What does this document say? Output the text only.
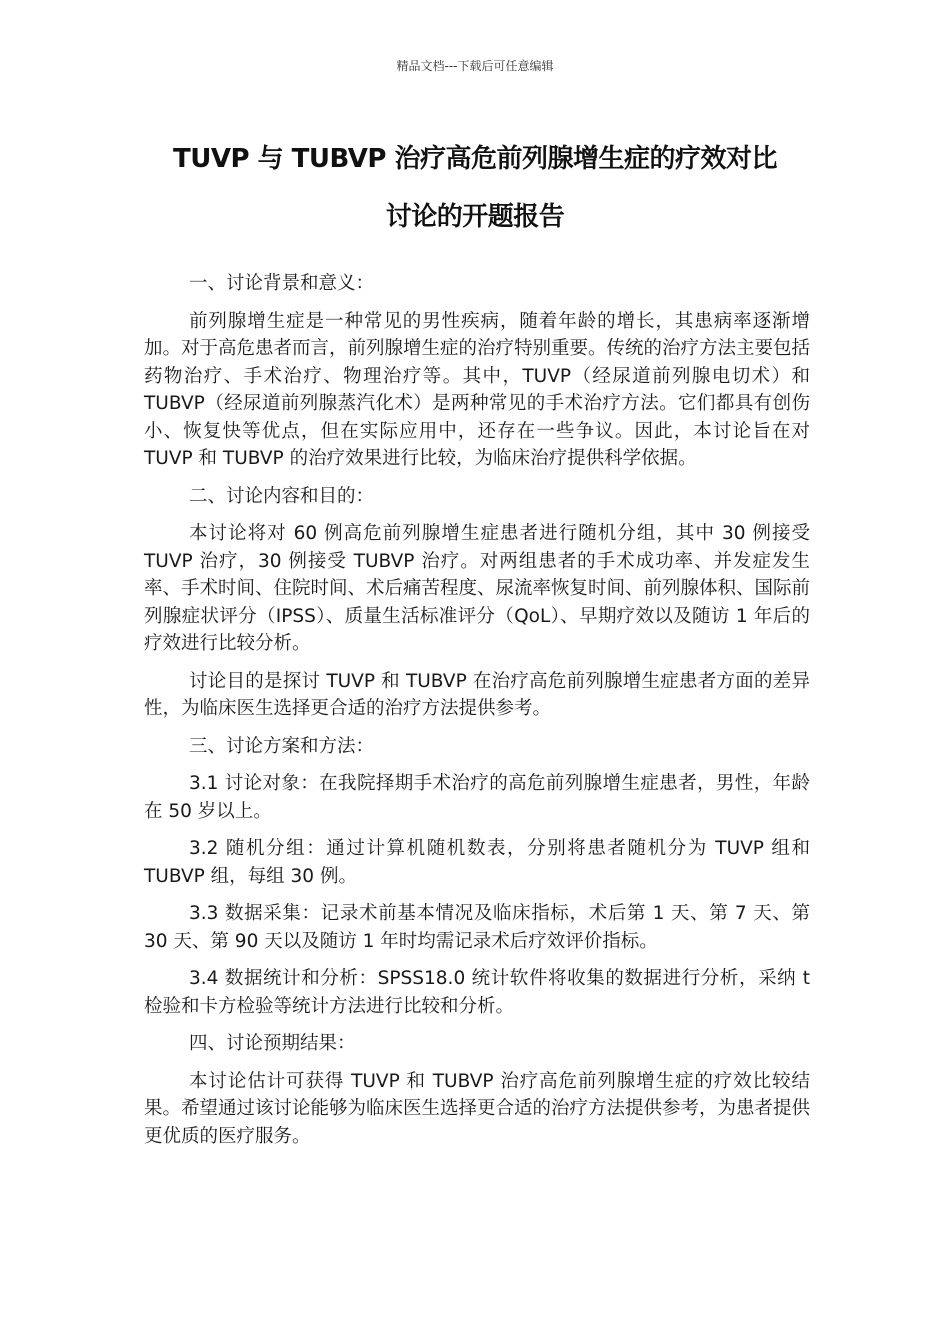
精品文档---下载后可任意编辑
TUVP 与 TUBVP 治疗高危前列腺增生症的疗效对比
讨论的开题报告

一、讨论背景和意义：

前列腺增生症是一种常见的男性疾病，随着年龄的增长，其患病率逐渐增加。对于高危患者而言，前列腺增生症的治疗特别重要。传统的治疗方法主要包括药物治疗、手术治疗、物理治疗等。其中，TUVP（经尿道前列腺电切术）和 TUBVP（经尿道前列腺蒸汽化术）是两种常见的手术治疗方法。它们都具有创伤小、恢复快等优点，但在实际应用中，还存在一些争议。因此，本讨论旨在对 TUVP 和 TUBVP 的治疗效果进行比较，为临床治疗提供科学依据。

二、讨论内容和目的：

本讨论将对 60 例高危前列腺增生症患者进行随机分组，其中 30 例接受 TUVP 治疗，30 例接受 TUBVP 治疗。对两组患者的手术成功率、并发症发生率、手术时间、住院时间、术后痛苦程度、尿流率恢复时间、前列腺体积、国际前列腺症状评分（IPSS）、质量生活标准评分（QoL）、早期疗效以及随访 1 年后的疗效进行比较分析。

讨论目的是探讨 TUVP 和 TUBVP 在治疗高危前列腺增生症患者方面的差异性，为临床医生选择更合适的治疗方法提供参考。

三、讨论方案和方法：

3.1 讨论对象：在我院择期手术治疗的高危前列腺增生症患者，男性，年龄在 50 岁以上。

3.2 随机分组：通过计算机随机数表，分别将患者随机分为 TUVP 组和 TUBVP 组，每组 30 例。

3.3 数据采集：记录术前基本情况及临床指标，术后第 1 天、第 7 天、第 30 天、第 90 天以及随访 1 年时均需记录术后疗效评价指标。

3.4 数据统计和分析：SPSS18.0 统计软件将收集的数据进行分析，采纳 t 检验和卡方检验等统计方法进行比较和分析。

四、讨论预期结果：

本讨论估计可获得 TUVP 和 TUBVP 治疗高危前列腺增生症的疗效比较结果。希望通过该讨论能够为临床医生选择更合适的治疗方法提供参考，为患者提供更优质的医疗服务。
